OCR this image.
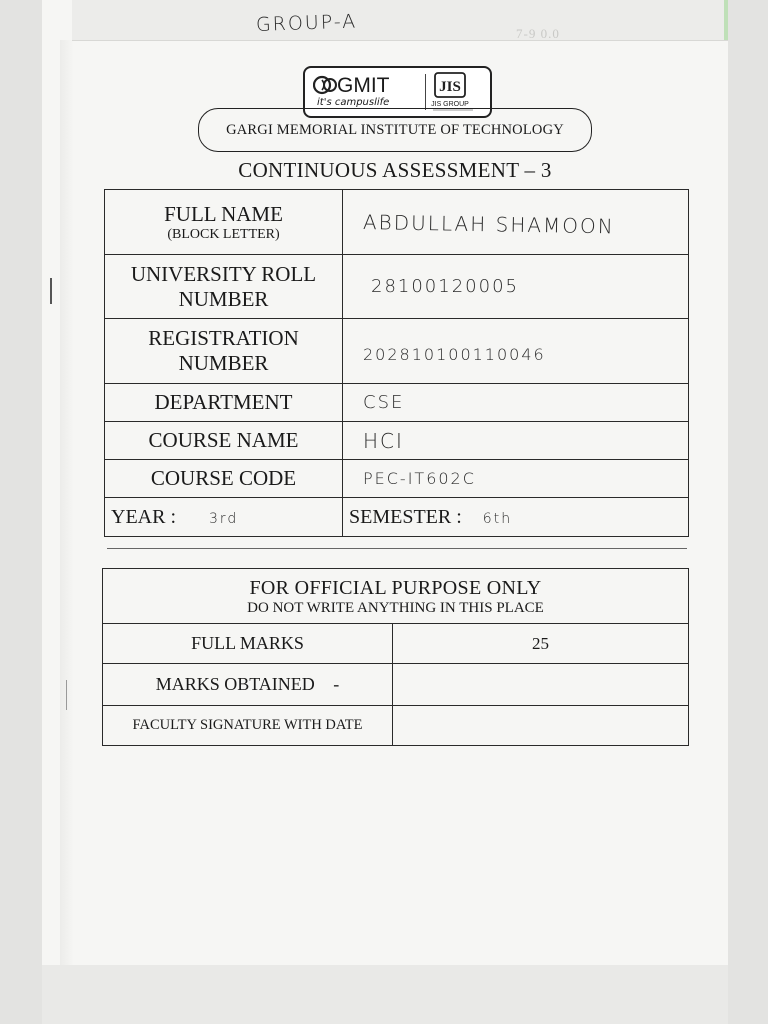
GROUP-A	7-9 0.0
GMIT
it's campuslife
JIS
JIS GROUP
GARGI MEMORIAL INSTITUTE OF TECHNOLOGY
CONTINUOUS ASSESSMENT – 3
FULL NAME
(BLOCK LETTER)	ABDULLAH SHAMOON
UNIVERSITY ROLL
NUMBER	28100120005
REGISTRATION
NUMBER	202810100110046
DEPARTMENT	CSE
COURSE NAME	HCI
COURSE CODE	PEC-IT602C
YEAR : 3rd	SEMESTER : 6th
FOR OFFICIAL PURPOSE ONLY
DO NOT WRITE ANYTHING IN THIS PLACE	

FULL MARKS	25
MARKS OBTAINED -	
FACULTY SIGNATURE WITH DATE	
